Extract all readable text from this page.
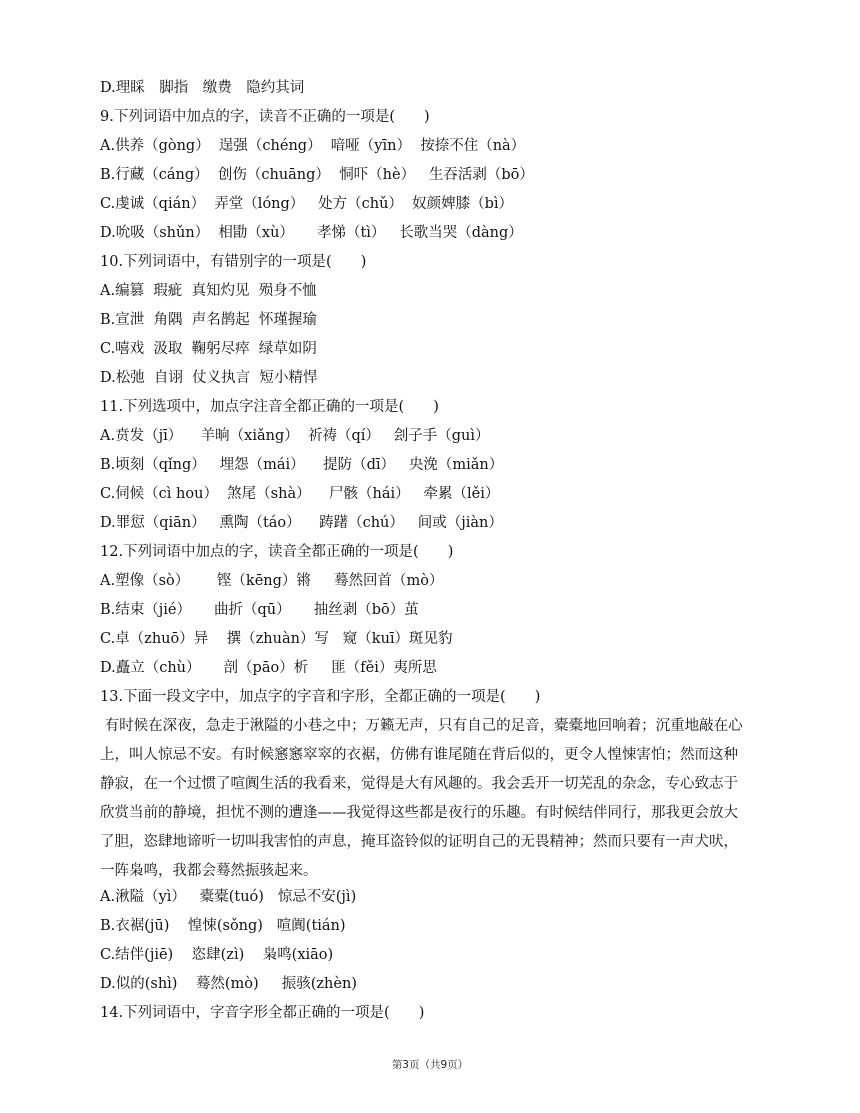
D.理睬　脚指　缴费　隐约其词
9.下列词语中加点的字，读音不正确的一项是(　　)
A.供养（gòng）  逞强（chéng）  喑哑（yīn）  按捺不住（nà）
B.行藏（cáng）  创伤（chuāng）  恫吓（hè）   生吞活剥（bō）
C.虔诚（qián）  弄堂（lóng）   处方（chǔ）  奴颜婢膝（bì）
D.吮吸（shǔn）  相勖（xù）     孝悌（tì）   长歌当哭（dàng）
10.下列词语中，有错别字的一项是(　　)
A.编篡  瑕疵  真知灼见  殒身不恤
B.宣泄  角隅  声名鹊起  怀瑾握瑜
C.嘻戏  汲取  鞠躬尽瘁  绿草如阴
D.松弛  自诩  仗义执言  短小精悍
11.下列选项中，加点字注音全都正确的一项是(　　)
A.贲发（jī）    羊晌（xiǎng）  祈祷（qí）   刽子手（guì）
B.顷刻（qǐng）   埋怨（mái）    提防（dī）   央浼（miǎn）
C.伺候（cì hou）  煞尾（shà）    尸骸（hái）   牵累（lěi）
D.罪愆（qiān）   熏陶（táo）    踌躇（chú）   间或（jiàn）
12.下列词语中加点的字，读音全都正确的一项是(　　)
A.塑像（sò）      铿（kēng）锵     蓦然回首（mò）
B.结束（jié）     曲折（qū）     抽丝剥（bō）茧
C.卓（zhuō）异    撰（zhuàn）写   窥（kuī）斑见豹
D.矗立（chù）     剖（pāo）析     匪（fěi）夷所思
13.下面一段文字中，加点字的字音和字形，全都正确的一项是(　　)
有时候在深夜，急走于湫隘的小巷之中；万籁无声，只有自己的足音，橐橐地回响着；沉重地敲在心
上，叫人惊忌不安。有时候窸窸窣窣的衣裾，仿佛有谁尾随在背后似的，更令人惶悚害怕；然而这种
静寂，在一个过惯了喧阗生活的我看来，觉得是大有风趣的。我会丢开一切芜乱的杂念，专心致志于
欣赏当前的静境，担忧不测的遭逢——我觉得这些都是夜行的乐趣。有时候结伴同行，那我更会放大
了胆，恣肆地谛听一切叫我害怕的声息，掩耳盗铃似的证明自己的无畏精神；然而只要有一声犬吠，
一阵枭鸣，我都会蓦然振骇起来。
A.湫隘（yì）   橐橐(tuó)   惊忌不安(jì)
B.衣裾(jū)    惶悚(sǒng)   喧阗(tián)
C.结伴(jiē)    恣肆(zì)    枭鸣(xiāo)
D.似的(shì)    蓦然(mò)     振骇(zhèn)
14.下列词语中，字音字形全都正确的一项是(　　)
第3页（共9页）
